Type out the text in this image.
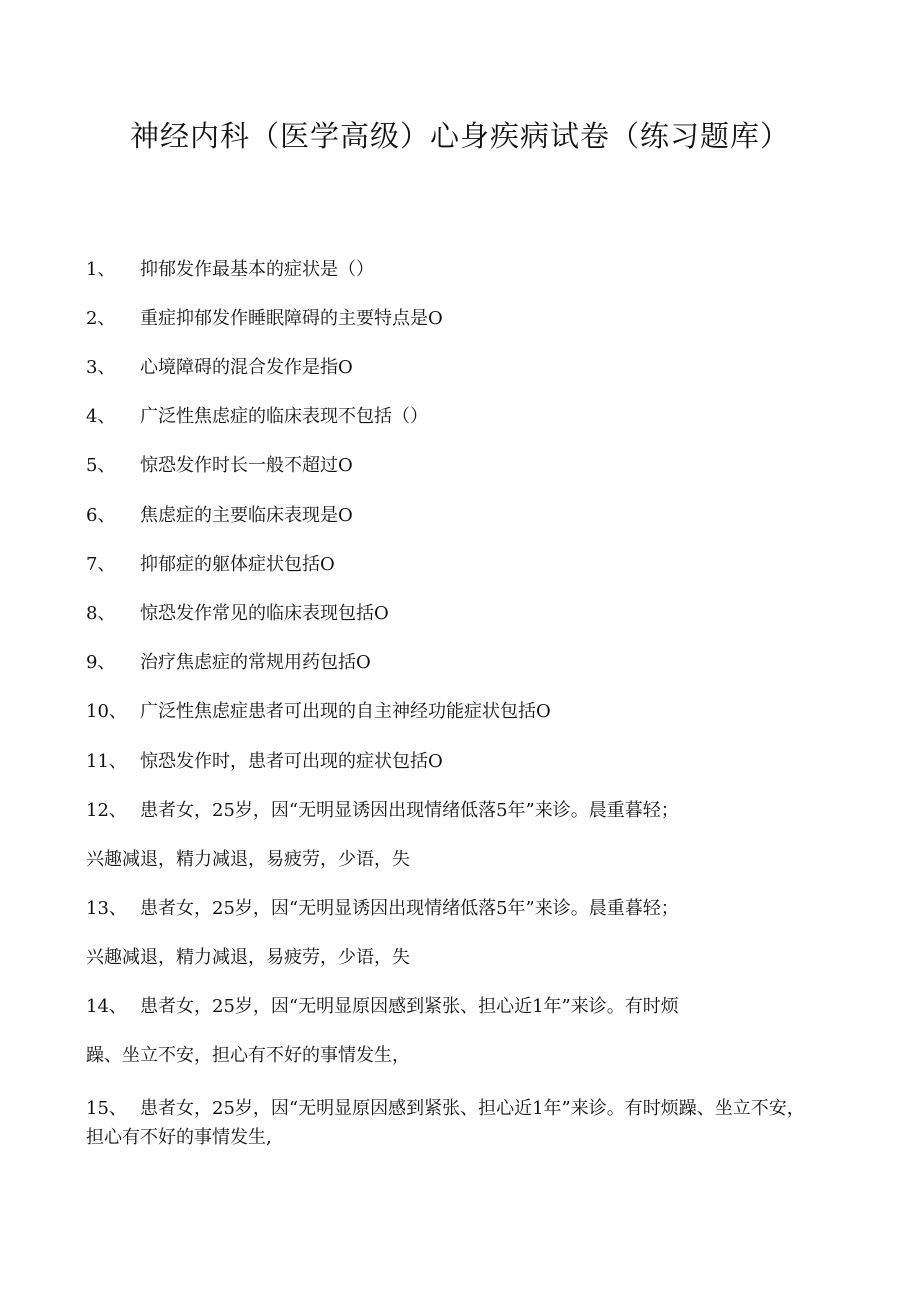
神经内科（医学高级）心身疾病试卷（练习题库）
1、 抑郁发作最基本的症状是（）
2、 重症抑郁发作睡眠障碍的主要特点是O
3、 心境障碍的混合发作是指O
4、 广泛性焦虑症的临床表现不包括（）
5、 惊恐发作时长一般不超过O
6、 焦虑症的主要临床表现是O
7、 抑郁症的躯体症状包括O
8、 惊恐发作常见的临床表现包括O
9、 治疗焦虑症的常规用药包括O
10、 广泛性焦虑症患者可出现的自主神经功能症状包括O
11、 惊恐发作时，患者可出现的症状包括O
12、 患者女，25岁，因“无明显诱因出现情绪低落5年”来诊。晨重暮轻；
兴趣减退，精力减退，易疲劳，少语，失
13、 患者女，25岁，因“无明显诱因出现情绪低落5年”来诊。晨重暮轻；
兴趣减退，精力减退，易疲劳，少语，失
14、 患者女，25岁，因“无明显原因感到紧张、担心近1年”来诊。有时烦
躁、坐立不安，担心有不好的事情发生，
15、 患者女，25岁，因“无明显原因感到紧张、担心近1年”来诊。有时烦躁、坐立不安，担心有不好的事情发生,
